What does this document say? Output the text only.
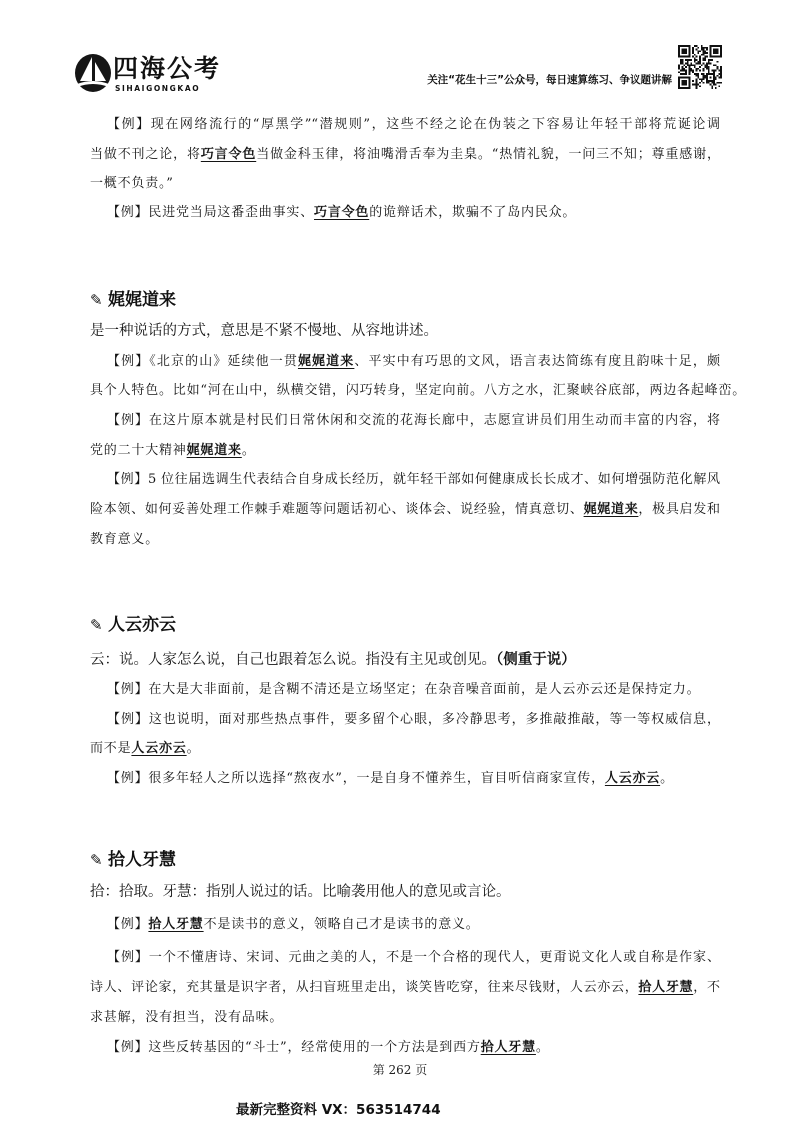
四海公考
SIHAIGONGKAO
关注“花生十三”公众号，每日速算练习、争议题讲解
【例】现在网络流行的“厚黑学”“潜规则”，这些不经之论在伪装之下容易让年轻干部将荒诞论调
当做不刊之论，将巧言令色当做金科玉律，将油嘴滑舌奉为圭臬。“热情礼貌，一问三不知；尊重感谢，
一概不负责。”
【例】民进党当局这番歪曲事实、巧言令色的诡辩话术，欺骗不了岛内民众。
✎娓娓道来
是一种说话的方式，意思是不紧不慢地、从容地讲述。
【例】《北京的山》延续他一贯娓娓道来、平实中有巧思的文风，语言表达简练有度且韵味十足，颇
具个人特色。比如“河在山中，纵横交错，闪巧转身，坚定向前。八方之水，汇聚峡谷底部，两边各起峰峦。
【例】在这片原本就是村民们日常休闲和交流的花海长廊中，志愿宣讲员们用生动而丰富的内容，将
党的二十大精神娓娓道来。
【例】5 位往届选调生代表结合自身成长经历，就年轻干部如何健康成长长成才、如何增强防范化解风
险本领、如何妥善处理工作棘手难题等问题话初心、谈体会、说经验，情真意切、娓娓道来，极具启发和
教育意义。
✎人云亦云
云：说。人家怎么说，自己也跟着怎么说。指没有主见或创见。（侧重于说）
【例】在大是大非面前，是含糊不清还是立场坚定；在杂音噪音面前，是人云亦云还是保持定力。
【例】这也说明，面对那些热点事件，要多留个心眼，多冷静思考，多推敲推敲，等一等权威信息，
而不是人云亦云。
【例】很多年轻人之所以选择“熬夜水”，一是自身不懂养生，盲目听信商家宣传，人云亦云。
✎拾人牙慧
拾：拾取。牙慧：指别人说过的话。比喻袭用他人的意见或言论。
【例】拾人牙慧不是读书的意义，领略自己才是读书的意义。
【例】一个不懂唐诗、宋词、元曲之美的人，不是一个合格的现代人，更甭说文化人或自称是作家、
诗人、评论家，充其量是识字者，从扫盲班里走出，谈笑皆吃穿，往来尽钱财，人云亦云，拾人牙慧，不
求甚解，没有担当，没有品味。
【例】这些反转基因的“斗士”，经常使用的一个方法是到西方拾人牙慧。
第 262 页
最新完整资料 VX：563514744
